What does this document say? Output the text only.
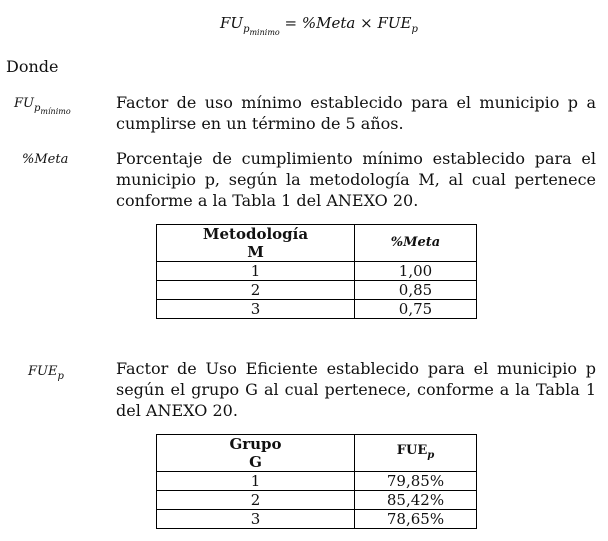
$FU_{p_{minimo}}$ = %Meta × $FUE_p$
Donde
$FU_{p_{mínimo}}$	Factor de uso mínimo establecido para el municipio p a cumplirse en un término de 5 años.
%Meta	Porcentaje de cumplimiento mínimo establecido para el municipio p, según la metodología M, al cual pertenece conforme a la Tabla 1 del ANEXO 20.
Metodología
M	%Meta
1	1,00
2	0,85
3	0,75
$FUE_p$	Factor de Uso Eficiente establecido para el municipio p según el grupo G al cual pertenece, conforme a la Tabla 1 del ANEXO 20.
Grupo
G	$FUE_p$
1	79,85%
2	85,42%
3	78,65%
